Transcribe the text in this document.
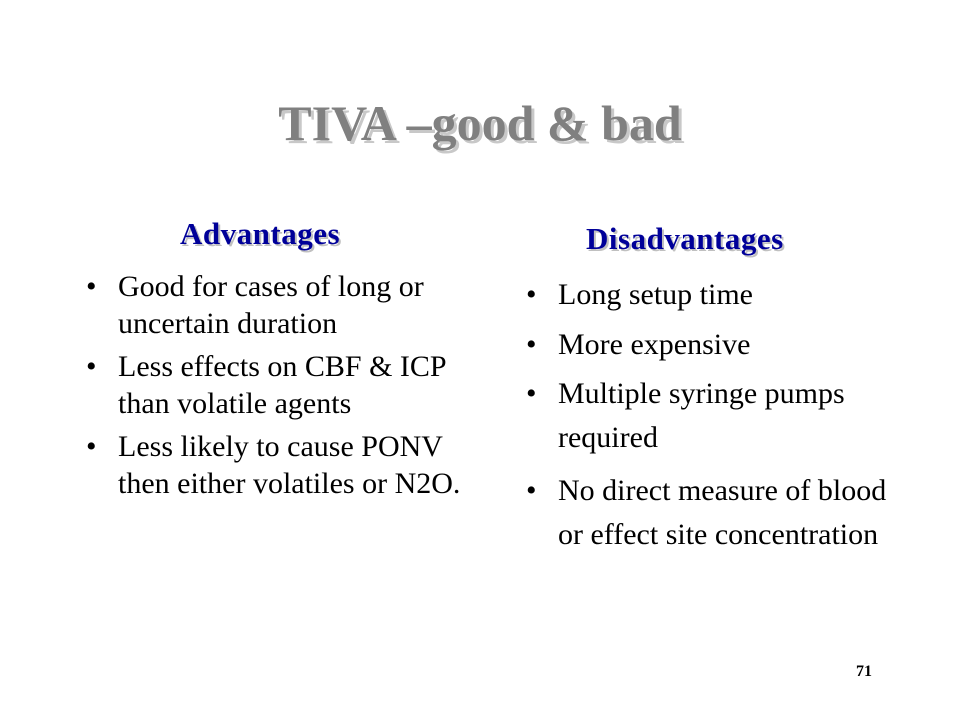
TIVA –good & bad
Advantages
• Good for cases of long or uncertain duration
• Less effects on CBF & ICP than volatile agents
• Less likely to cause PONV then either volatiles or N2O.
Disadvantages
• Long setup time
• More expensive
• Multiple syringe pumps required
• No direct measure of blood or effect site concentration
71
